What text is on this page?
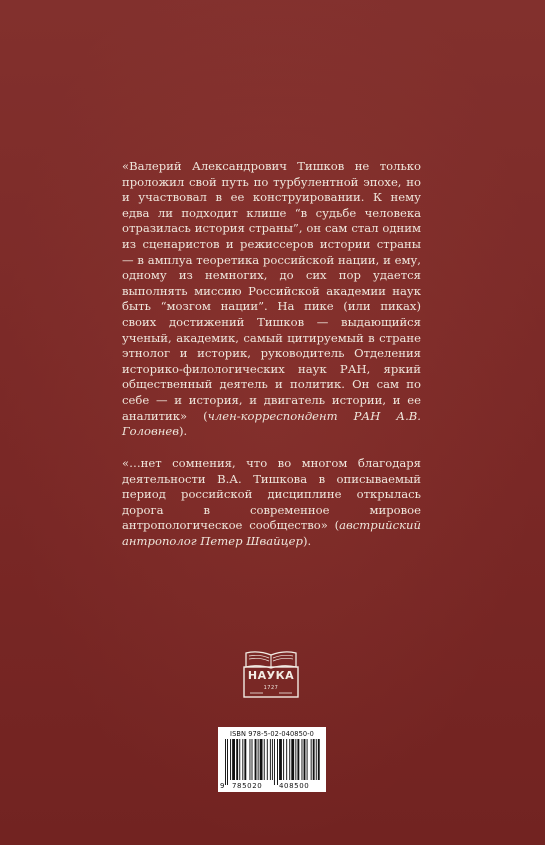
«Валерий Александрович Тишков не только проложил свой путь по турбулентной эпохе, но и участвовал в ее конструировании. К нему едва ли подходит клише “в судьбе человека отразилась история страны”, он сам стал одним из сценаристов и режиссеров истории страны — в амплуа теоретика российской нации, и ему, одному из немногих, до сих пор удается выполнять миссию Российской академии наук быть “мозгом нации”. На пике (или пиках) своих достижений Тишков — выдающийся ученый, академик, самый цитируемый в стране этнолог и историк, руководитель Отделения историко-филологических наук РАН, яркий общественный деятель и политик. Он сам по себе — и история, и двигатель истории, и ее аналитик» (член-корреспондент РАН А.В. Головнев).

«…нет сомнения, что во многом благодаря деятельности В.А. Тишкова в описываемый период российской дисциплине открылась дорога в современное мировое антропологическое сообщество» (австрийский антрополог Петер Швайцер).

НАУКА
1727
ISBN 978-5-02-040850-0
9 785020 408500
